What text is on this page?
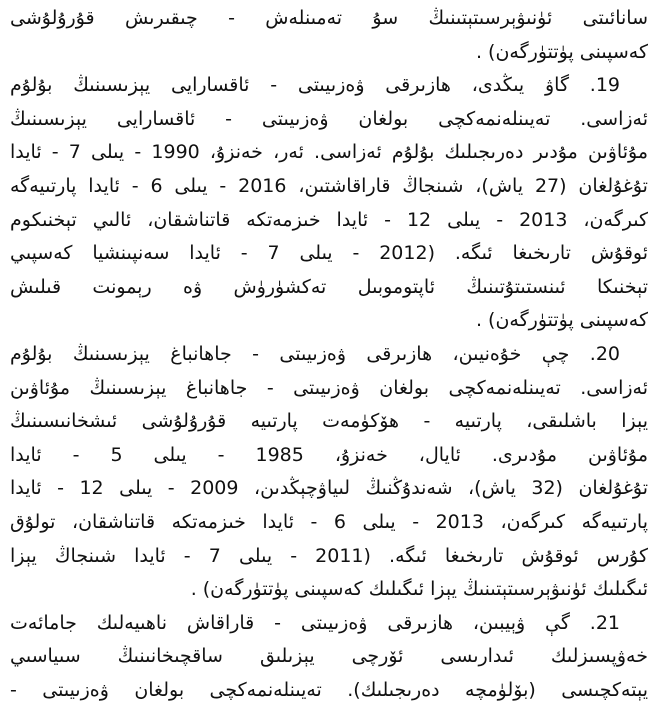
سانائىتى ئۈنىۋېرسىتېتىنىڭ سۇ تەمىنلەش - چىقىرىش قۇرۇلۇشى
كەسپىنى پۈتتۈرگەن) .
19. گاۋ يىڭدى، ھازىرقى ۋەزىيىتى - ئاقسارايى يېزىسىنىڭ بۇلۇم
ئەزاسى. تەيىنلەنمەكچى بولغان ۋەزىيىتى - ئاقسارايى يېزىسىنىڭ
مۇئاۋىن مۇدىر دەرىجىلىك بۇلۇم ئەزاسى. ئەر، خەنزۇ، 1990 - يىلى 7 - ئايدا
تۇغۇلغان (27 ياش)، شىنجاڭ قاراقاشتىن، 2016 - يىلى 6 - ئايدا پارتىيەگە
كىرگەن، 2013 - يىلى 12 - ئايدا خىزمەتكە قاتناشقان، ئالىي تېخنىكوم
ئوقۇش تارىخىغا ئىگە. (2012 - يىلى 7 - ئايدا سەنپىنشيا كەسپىي
تېخنىكا ئىنستىتۇتىنىڭ ئاپتوموبىل تەكشۈرۈش ۋە رېمونت قىلىش
كەسپىنى پۈتتۈرگەن) .
20. چې خۇەنيىن، ھازىرقى ۋەزىيىتى - جاھانباغ يېزىسىنىڭ بۇلۇم
ئەزاسى. تەيىنلەنمەكچى بولغان ۋەزىيىتى - جاھانباغ يېزىسىنىڭ مۇئاۋىن
يېزا باشلىقى، پارتىيە - ھۆكۈمەت پارتىيە قۇرۇلۇشى ئىشخانىسىنىڭ
مۇئاۋىن مۇدىرى. ئايال، خەنزۇ، 1985 - يىلى 5 - ئايدا
تۇغۇلغان (32 ياش)، شەندۇڭنىڭ لىياۋچېڭدىن، 2009 - يىلى 12 - ئايدا
پارتىيەگە كىرگەن، 2013 - يىلى 6 - ئايدا خىزمەتكە قاتناشقان، تولۇق
كۇرس ئوقۇش تارىخىغا ئىگە. (2011 - يىلى 7 - ئايدا شىنجاڭ يېزا
ئىگىلىك ئۈنىۋېرسىتېتىنىڭ يېزا ئىگىلىك كەسپىنى پۈتتۈرگەن) .
21. گې ۋېيبىن، ھازىرقى ۋەزىيىتى - قاراقاش ناھىيەلىك جامائەت
خەۋپسىزلىك ئىدارىسى ئۆرچى يېزىلىق ساقچىخانىنىڭ سىياسىي
يېتەكچىسى (بۆلۈمچە دەرىجىلىك). تەيىنلەنمەكچى بولغان ۋەزىيىتى -
